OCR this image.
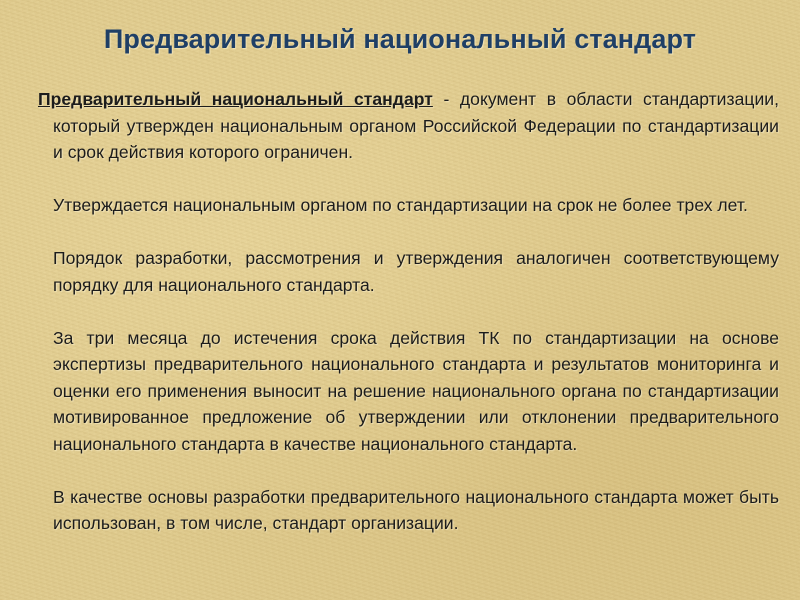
Предварительный национальный стандарт

Предварительный национальный стандарт - документ в области стандартизации, который утвержден национальным органом Российской Федерации по стандартизации и срок действия которого ограничен.

Утверждается национальным органом по стандартизации на срок не более трех лет.

Порядок разработки, рассмотрения и утверждения аналогичен соответствующему порядку для национального стандарта.

За три месяца до истечения срока действия ТК по стандартизации на основе экспертизы предварительного национального стандарта и результатов мониторинга и оценки его применения выносит на решение национального органа по стандартизации мотивированное предложение об утверждении или отклонении предварительного национального стандарта в качестве национального стандарта.

В качестве основы разработки предварительного национального стандарта может быть использован, в том числе, стандарт организации.
